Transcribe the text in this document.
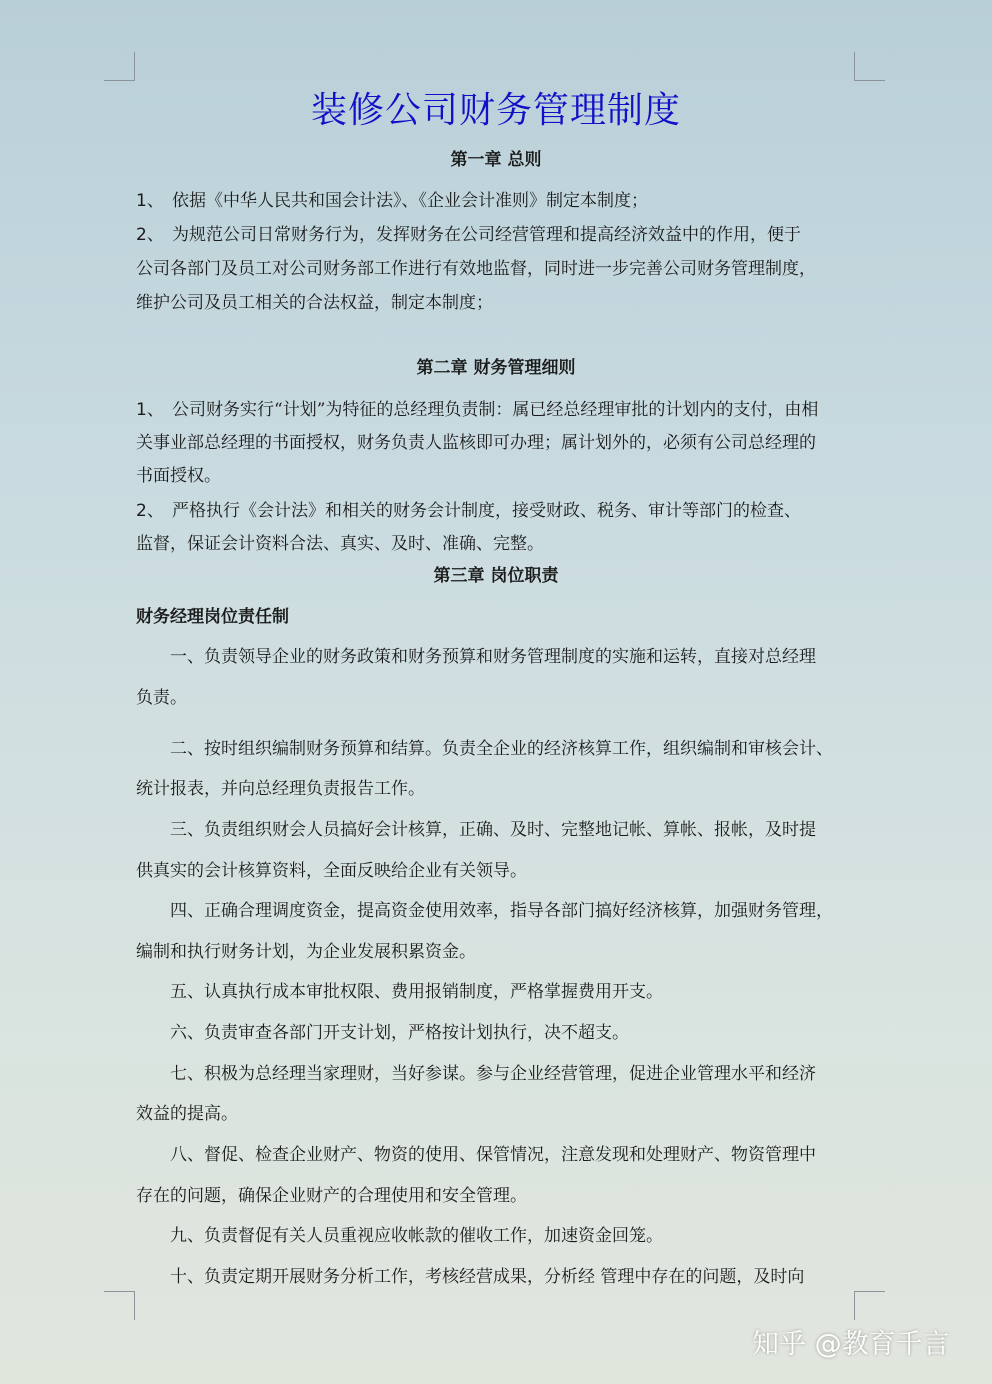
装修公司财务管理制度
第一章 总则

1、 依据《中华人民共和国会计法》、《企业会计准则》制定本制度；

2、 为规范公司日常财务行为，发挥财务在公司经营管理和提高经济效益中的作用，便于

公司各部门及员工对公司财务部工作进行有效地监督，同时进一步完善公司财务管理制度，

维护公司及员工相关的合法权益，制定本制度；

第二章 财务管理细则

1、 公司财务实行“计划”为特征的总经理负责制：属已经总经理审批的计划内的支付，由相

关事业部总经理的书面授权，财务负责人监核即可办理；属计划外的，必须有公司总经理的

书面授权。

2、 严格执行《会计法》和相关的财务会计制度，接受财政、税务、审计等部门的检查、

监督，保证会计资料合法、真实、及时、准确、完整。

第三章 岗位职责
财务经理岗位责任制

一、负责领导企业的财务政策和财务预算和财务管理制度的实施和运转，直接对总经理

负责。

二、按时组织编制财务预算和结算。负责全企业的经济核算工作，组织编制和审核会计、

统计报表，并向总经理负责报告工作。

三、负责组织财会人员搞好会计核算，正确、及时、完整地记帐、算帐、报帐，及时提

供真实的会计核算资料，全面反映给企业有关领导。

四、正确合理调度资金，提高资金使用效率，指导各部门搞好经济核算，加强财务管理，

编制和执行财务计划，为企业发展积累资金。

五、认真执行成本审批权限、费用报销制度，严格掌握费用开支。

六、负责审查各部门开支计划，严格按计划执行，决不超支。

七、积极为总经理当家理财，当好参谋。参与企业经营管理，促进企业管理水平和经济

效益的提高。

八、督促、检查企业财产、物资的使用、保管情况，注意发现和处理财产、物资管理中

存在的问题，确保企业财产的合理使用和安全管理。

九、负责督促有关人员重视应收帐款的催收工作，加速资金回笼。

十、负责定期开展财务分析工作，考核经营成果，分析经 管理中存在的问题，及时向

知乎 @教育千言
